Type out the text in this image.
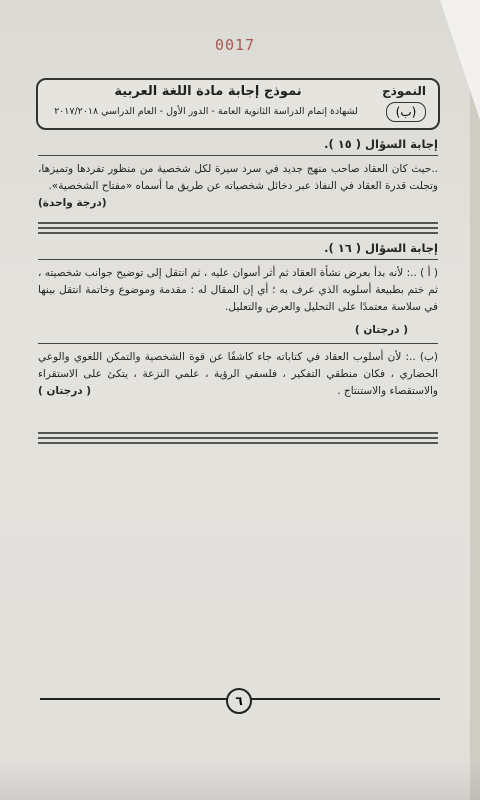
0017
النموذج
(ب)
نموذج إجابة مادة اللغة العربية
لشهادة إتمام الدراسة الثانوية العامة - الدور الأول - العام الدراسي ٢٠١٧/٢٠١٨
إجابة السؤال ( ١٥ ).
..حيث كان العقاد صاحب منهج جديد في سرد سيرة لكل شخصية من منظور تفردها وتميزها، وتجلت قدرة العقاد في النفاذ عبر دخائل شخصياته عن طريق ما أسماه «مفتاح الشخصية».
(درجة واحدة)
إجابة السؤال ( ١٦ ).
( أ ) ..: لأنه بدأ بعرض نشأة العقاد ثم أثر أسوان عليه ، ثم انتقل إلى توضيح جوانب شخصيته ، ثم ختم بطبيعة أسلوبه الذي عرف به ؛ أي إن المقال له : مقدمة وموضوع وخاتمة انتقل بينها في سلاسة معتمدًا على التحليل والعرض والتعليل.
( درجتان )
(ب) ..: لأن أسلوب العقاد في كتاباته جاء كاشفًا عن قوة الشخصية والتمكن اللغوي والوعي الحضاري ، فكان منطقي التفكير ، فلسفي الرؤية ، علمي النزعة ، يتكئ على الاستقراء والاستقصاء والاستنتاج .
( درجتان )
٦
